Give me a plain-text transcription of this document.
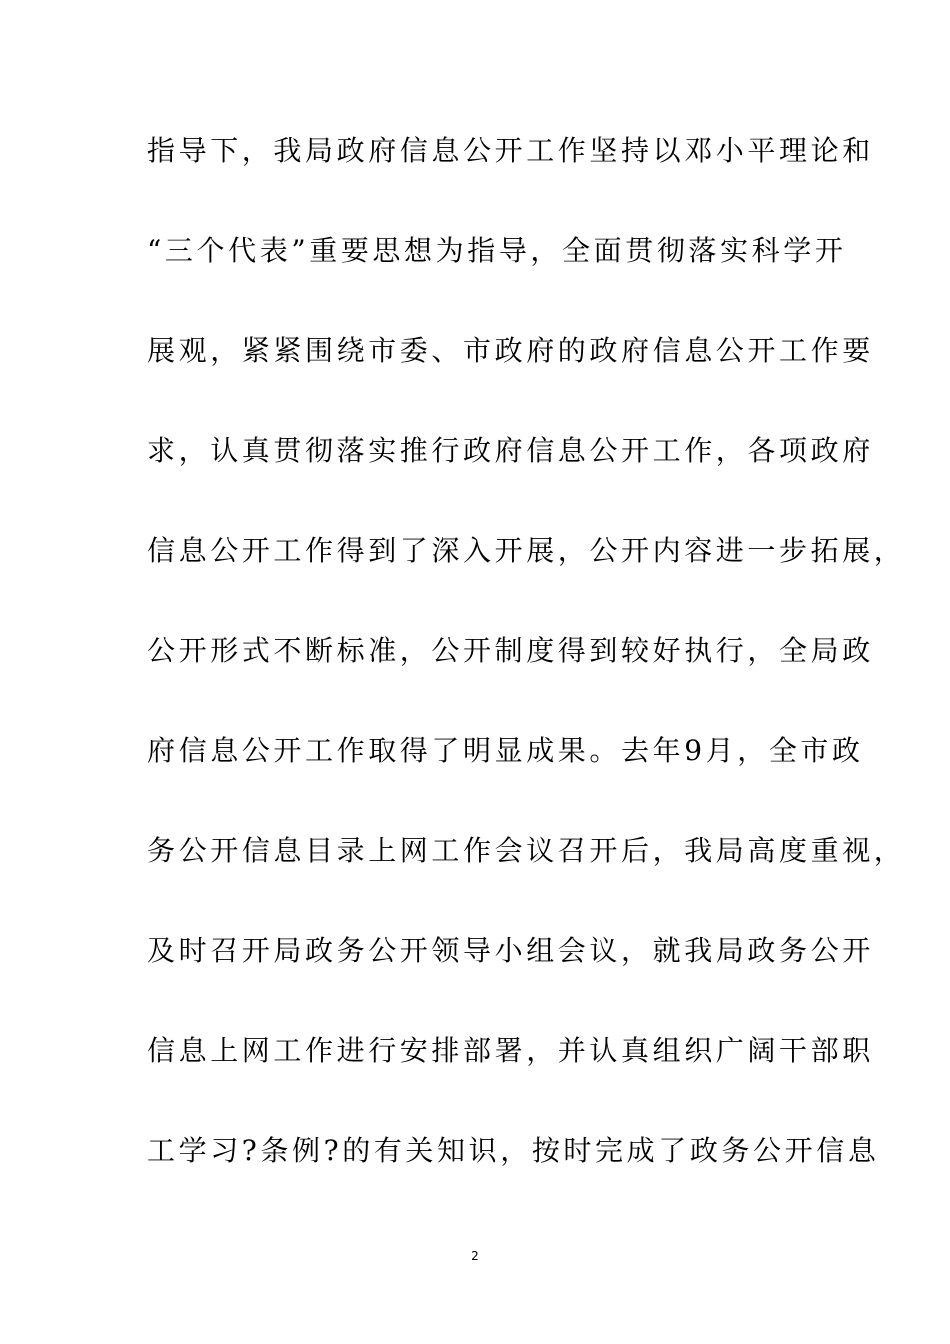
指导下，我局政府信息公开工作坚持以邓小平理论和
“三个代表”重要思想为指导，全面贯彻落实科学开
展观，紧紧围绕市委、市政府的政府信息公开工作要
求，认真贯彻落实推行政府信息公开工作，各项政府
信息公开工作得到了深入开展，公开内容进一步拓展，
公开形式不断标准，公开制度得到较好执行，全局政
府信息公开工作取得了明显成果。去年9月，全市政
务公开信息目录上网工作会议召开后，我局高度重视，
及时召开局政务公开领导小组会议，就我局政务公开
信息上网工作进行安排部署，并认真组织广阔干部职
工学习?条例?的有关知识，按时完成了政务公开信息
2
